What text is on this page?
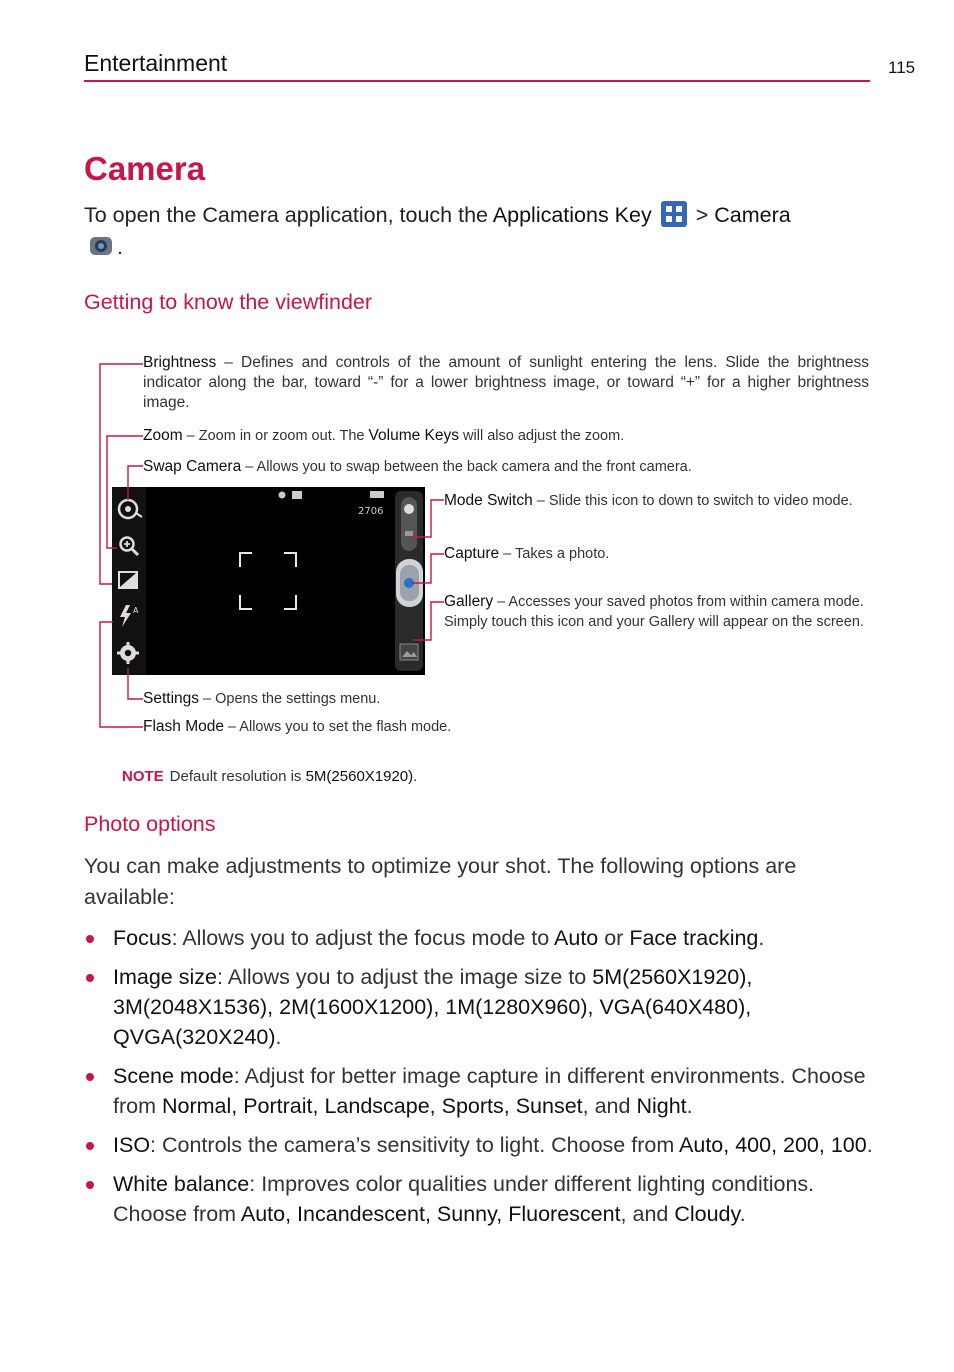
Entertainment	115
Camera
To open the Camera application, touch the Applications Key  > Camera
.
Getting to know the viewfinder
Brightness – Defines and controls of the amount of sunlight entering the lens. Slide the brightness indicator along the bar, toward “-” for a lower brightness image, or toward “+” for a higher brightness image.
Zoom – Zoom in or zoom out. The Volume Keys will also adjust the zoom.
Swap Camera – Allows you to swap between the back camera and the front camera.
Mode Switch – Slide this icon to down to switch to video mode.
Capture – Takes a photo.
Gallery – Accesses your saved photos from within camera mode. Simply touch this icon and your Gallery will appear on the screen.
Settings – Opens the settings menu.
Flash Mode – Allows you to set the flash mode.
A
2706
NOTE Default resolution is 5M(2560X1920).
Photo options
You can make adjustments to optimize your shot. The following options are available:
Focus: Allows you to adjust the focus mode to Auto or Face tracking.
Image size: Allows you to adjust the image size to 5M(2560X1920), 3M(2048X1536), 2M(1600X1200), 1M(1280X960), VGA(640X480), QVGA(320X240).
Scene mode: Adjust for better image capture in different environments. Choose from Normal, Portrait, Landscape, Sports, Sunset, and Night.
ISO: Controls the camera’s sensitivity to light. Choose from Auto, 400, 200, 100.
White balance: Improves color qualities under different lighting conditions. Choose from Auto, Incandescent, Sunny, Fluorescent, and Cloudy.
